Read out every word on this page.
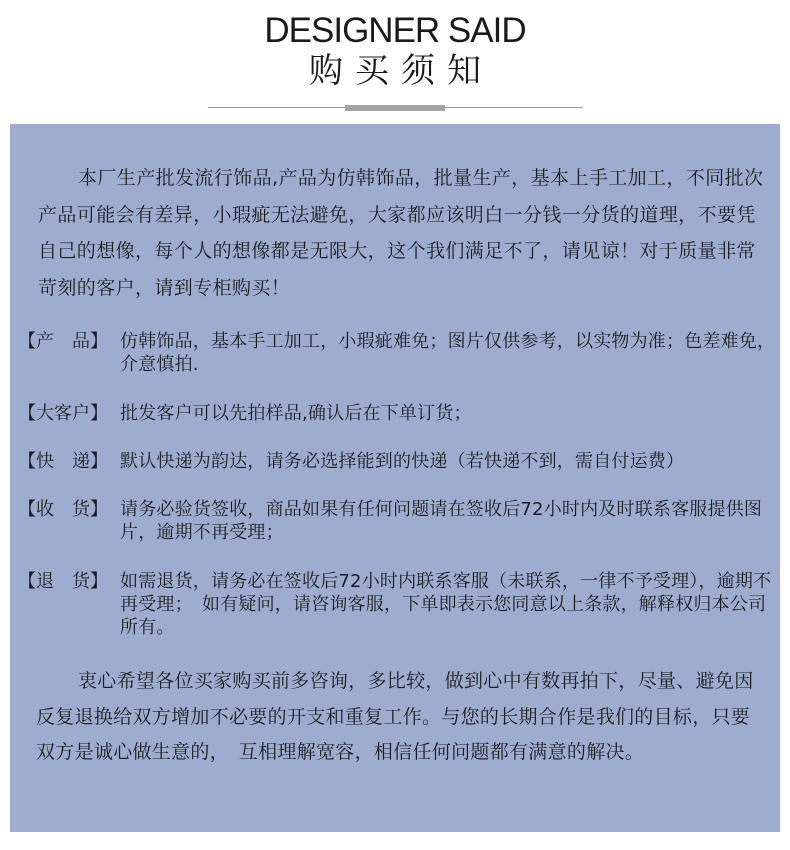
DESIGNER SAID
购买须知

本厂生产批发流行饰品,产品为仿韩饰品，批量生产，基本上手工加工，不同批次产品可能会有差异，小瑕疵无法避免，大家都应该明白一分钱一分货的道理，不要凭自己的想像，每个人的想像都是无限大，这个我们满足不了，请见谅！对于质量非常苛刻的客户，请到专柜购买！

【产　品】 仿韩饰品，基本手工加工，小瑕疵难免；图片仅供参考，以实物为准；色差难免，介意慎拍.
【大客户】 批发客户可以先拍样品,确认后在下单订货；
【快　递】 默认快递为韵达，请务必选择能到的快递（若快递不到，需自付运费）
【收　货】 请务必验货签收，商品如果有任何问题请在签收后72小时内及时联系客服提供图片，逾期不再受理；
【退　货】 如需退货，请务必在签收后72小时内联系客服（未联系，一律不予受理），逾期不再受理；　如有疑问，请咨询客服，下单即表示您同意以上条款，解释权归本公司所有。

衷心希望各位买家购买前多咨询，多比较，做到心中有数再拍下，尽量、避免因反复退换给双方增加不必要的开支和重复工作。与您的长期合作是我们的目标，只要双方是诚心做生意的，　互相理解宽容，相信任何问题都有满意的解决。
